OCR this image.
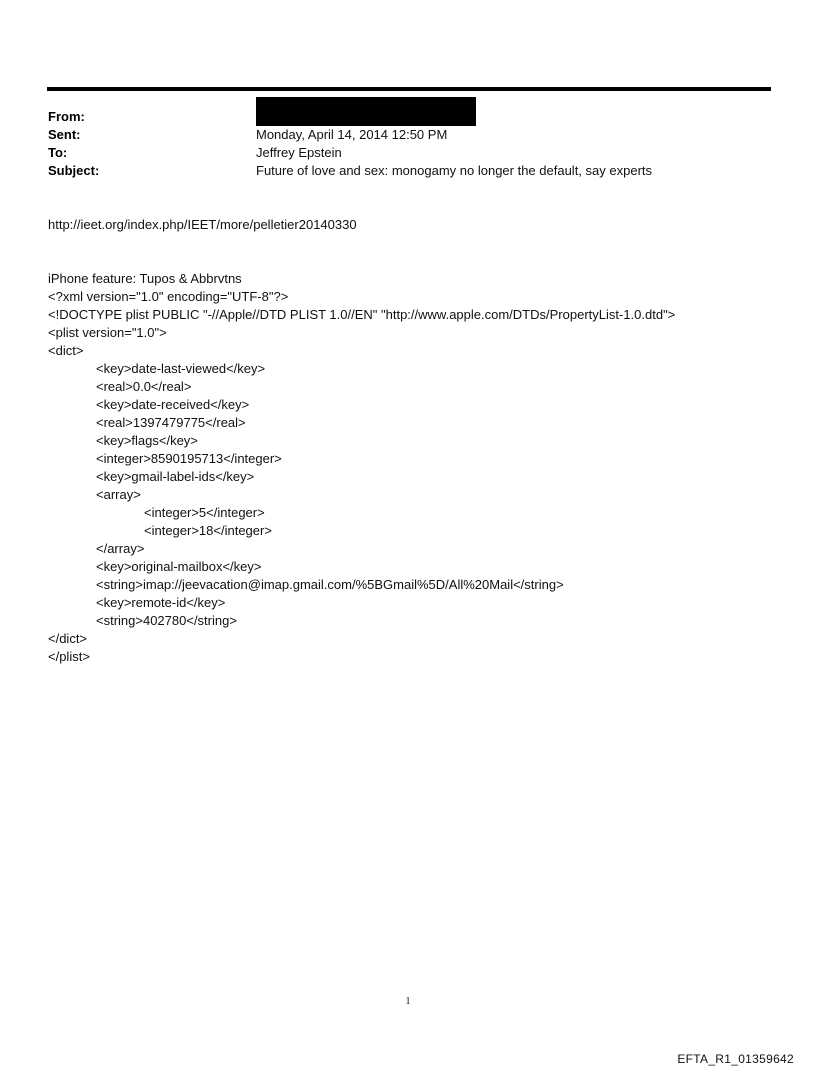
From:
Sent:	Monday, April 14, 2014 12:50 PM
To:	Jeffrey Epstein
Subject:	Future of love and sex: monogamy no longer the default, say experts
http://ieet.org/index.php/IEET/more/pelletier20140330
iPhone feature: Tupos & Abbrvtns
<?xml version="1.0" encoding="UTF-8"?>
<!DOCTYPE plist PUBLIC "-//Apple//DTD PLIST 1.0//EN" "http://www.apple.com/DTDs/PropertyList-1.0.dtd">
<plist version="1.0">
<dict>
<key>date-last-viewed</key>
<real>0.0</real>
<key>date-received</key>
<real>1397479775</real>
<key>flags</key>
<integer>8590195713</integer>
<key>gmail-label-ids</key>
<array>
<integer>5</integer>
<integer>18</integer>
</array>
<key>original-mailbox</key>
<string>imap://jeevacation@imap.gmail.com/%5BGmail%5D/All%20Mail</string>
<key>remote-id</key>
<string>402780</string>
</dict>
</plist>
1
EFTA_R1_01359642
